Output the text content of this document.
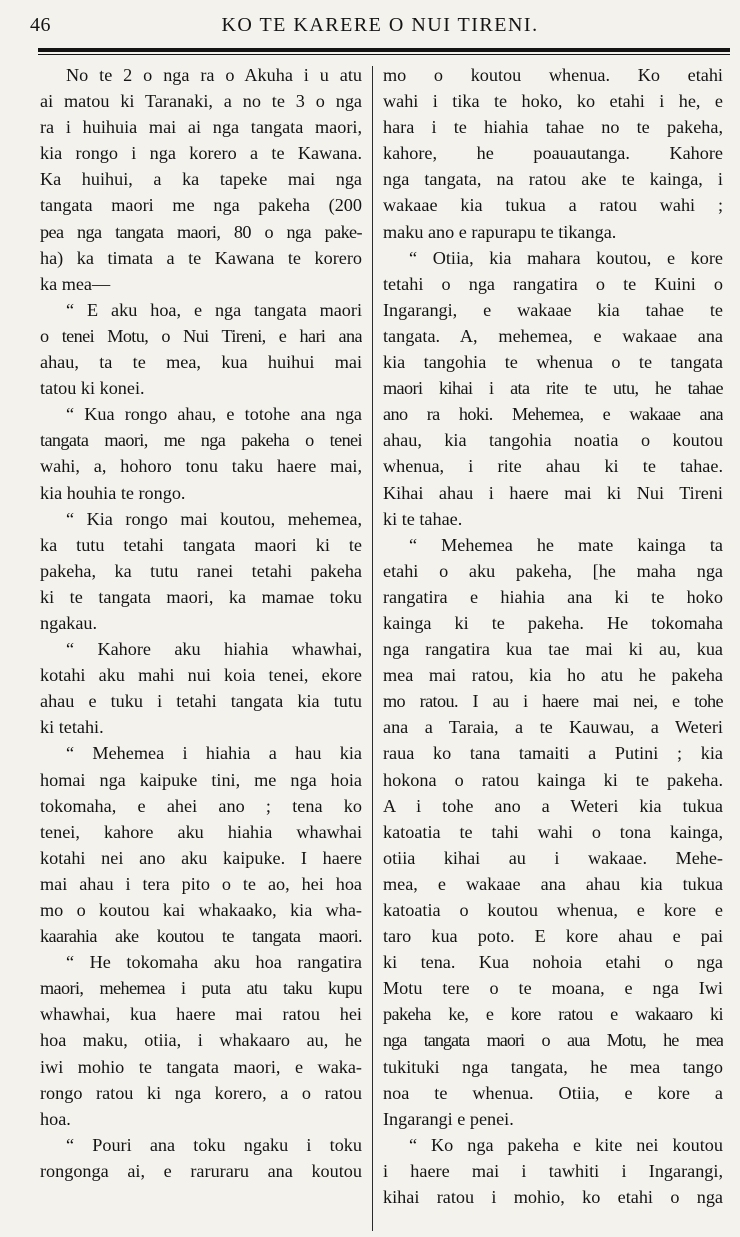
46	KO TE KARERE O NUI TIRENI.
No te 2 o nga ra o Akuha i u atu
ai matou ki Taranaki, a no te 3 o nga
ra i huihuia mai ai nga tangata maori,
kia rongo i nga korero a te Kawana.
Ka huihui, a ka tapeke mai nga
tangata maori me nga pakeha (200
pea nga tangata maori, 80 o nga pake-
ha) ka timata a te Kawana te korero
ka mea—
“ E aku hoa, e nga tangata maori
o tenei Motu, o Nui Tireni, e hari ana
ahau, ta te mea, kua huihui mai
tatou ki konei.
“ Kua rongo ahau, e totohe ana nga
tangata maori, me nga pakeha o tenei
wahi, a, hohoro tonu taku haere mai,
kia houhia te rongo.
“ Kia rongo mai koutou, mehemea,
ka tutu tetahi tangata maori ki te
pakeha, ka tutu ranei tetahi pakeha
ki te tangata maori, ka mamae toku
ngakau.
“ Kahore aku hiahia whawhai,
kotahi aku mahi nui koia tenei, ekore
ahau e tuku i tetahi tangata kia tutu
ki tetahi.
“ Mehemea i hiahia a hau kia
homai nga kaipuke tini, me nga hoia
tokomaha, e ahei ano ; tena ko
tenei, kahore aku hiahia whawhai
kotahi nei ano aku kaipuke. I haere
mai ahau i tera pito o te ao, hei hoa
mo o koutou kai whakaako, kia wha-
kaarahia ake koutou te tangata maori.
“ He tokomaha aku hoa rangatira
maori, mehemea i puta atu taku kupu
whawhai, kua haere mai ratou hei
hoa maku, otiia, i whakaaro au, he
iwi mohio te tangata maori, e waka-
rongo ratou ki nga korero, a o ratou
hoa.
“ Pouri ana toku ngaku i toku
rongonga ai, e raruraru ana koutou
mo o koutou whenua. Ko etahi
wahi i tika te hoko, ko etahi i he, e
hara i te hiahia tahae no te pakeha,
kahore, he poauautanga. Kahore
nga tangata, na ratou ake te kainga, i
wakaae kia tukua a ratou wahi ;
maku ano e rapurapu te tikanga.
“ Otiia, kia mahara koutou, e kore
tetahi o nga rangatira o te Kuini o
Ingarangi, e wakaae kia tahae te
tangata. A, mehemea, e wakaae ana
kia tangohia te whenua o te tangata
maori kihai i ata rite te utu, he tahae
ano ra hoki. Mehemea, e wakaae ana
ahau, kia tangohia noatia o koutou
whenua, i rite ahau ki te tahae.
Kihai ahau i haere mai ki Nui Tireni
ki te tahae.
“ Mehemea he mate kainga ta
etahi o aku pakeha, [he maha nga
rangatira e hiahia ana ki te hoko
kainga ki te pakeha. He tokomaha
nga rangatira kua tae mai ki au, kua
mea mai ratou, kia ho atu he pakeha
mo ratou. I au i haere mai nei, e tohe
ana a Taraia, a te Kauwau, a Weteri
raua ko tana tamaiti a Putini ; kia
hokona o ratou kainga ki te pakeha.
A i tohe ano a Weteri kia tukua
katoatia te tahi wahi o tona kainga,
otiia kihai au i wakaae. Mehe-
mea, e wakaae ana ahau kia tukua
katoatia o koutou whenua, e kore e
taro kua poto. E kore ahau e pai
ki tena. Kua nohoia etahi o nga
Motu tere o te moana, e nga Iwi
pakeha ke, e kore ratou e wakaaro ki
nga tangata maori o aua Motu, he mea
tukituki nga tangata, he mea tango
noa te whenua. Otiia, e kore a
Ingarangi e penei.
“ Ko nga pakeha e kite nei koutou
i haere mai i tawhiti i Ingarangi,
kihai ratou i mohio, ko etahi o nga
